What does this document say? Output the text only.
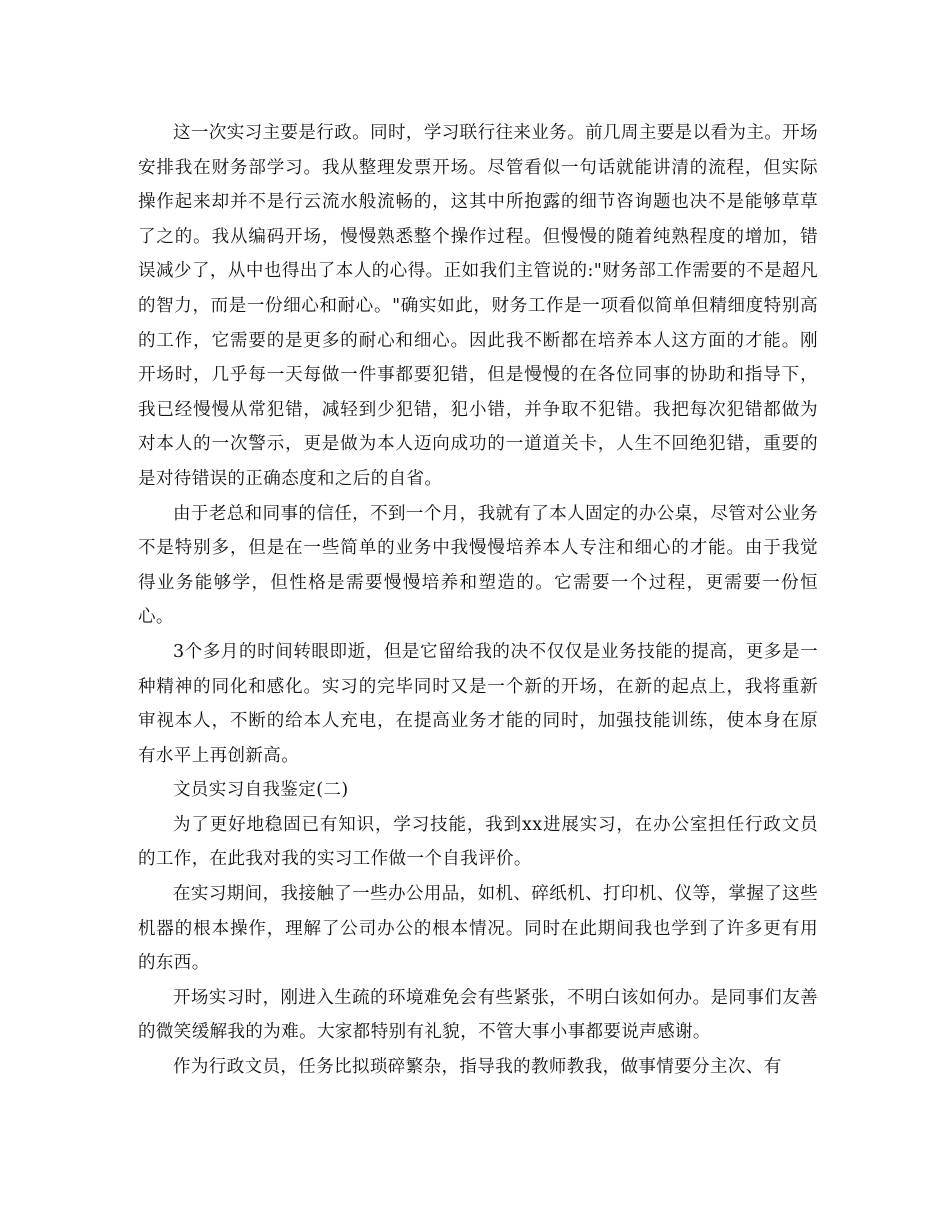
这一次实习主要是行政。同时，学习联行往来业务。前几周主要是以看为主。开场安排我在财务部学习。我从整理发票开场。尽管看似一句话就能讲清的流程，但实际操作起来却并不是行云流水般流畅的，这其中所抱露的细节咨询题也决不是能够草草了之的。我从编码开场，慢慢熟悉整个操作过程。但慢慢的随着纯熟程度的增加，错误减少了，从中也得出了本人的心得。正如我们主管说的:"财务部工作需要的不是超凡的智力，而是一份细心和耐心。"确实如此，财务工作是一项看似简单但精细度特别高的工作，它需要的是更多的耐心和细心。因此我不断都在培养本人这方面的才能。刚开场时，几乎每一天每做一件事都要犯错，但是慢慢的在各位同事的协助和指导下，我已经慢慢从常犯错，减轻到少犯错，犯小错，并争取不犯错。我把每次犯错都做为对本人的一次警示，更是做为本人迈向成功的一道道关卡，人生不回绝犯错，重要的是对待错误的正确态度和之后的自省。

由于老总和同事的信任，不到一个月，我就有了本人固定的办公桌，尽管对公业务不是特别多，但是在一些简单的业务中我慢慢培养本人专注和细心的才能。由于我觉得业务能够学，但性格是需要慢慢培养和塑造的。它需要一个过程，更需要一份恒心。

3个多月的时间转眼即逝，但是它留给我的决不仅仅是业务技能的提高，更多是一种精神的同化和感化。实习的完毕同时又是一个新的开场，在新的起点上，我将重新审视本人，不断的给本人充电，在提高业务才能的同时，加强技能训练，使本身在原有水平上再创新高。

文员实习自我鉴定(二)

为了更好地稳固已有知识，学习技能，我到xx进展实习，在办公室担任行政文员的工作，在此我对我的实习工作做一个自我评价。

在实习期间，我接触了一些办公用品，如机、碎纸机、打印机、仪等，掌握了这些机器的根本操作，理解了公司办公的根本情况。同时在此期间我也学到了许多更有用的东西。

开场实习时，刚进入生疏的环境难免会有些紧张，不明白该如何办。是同事们友善的微笑缓解我的为难。大家都特别有礼貌，不管大事小事都要说声感谢。

作为行政文员，任务比拟琐碎繁杂，指导我的教师教我，做事情要分主次、有
